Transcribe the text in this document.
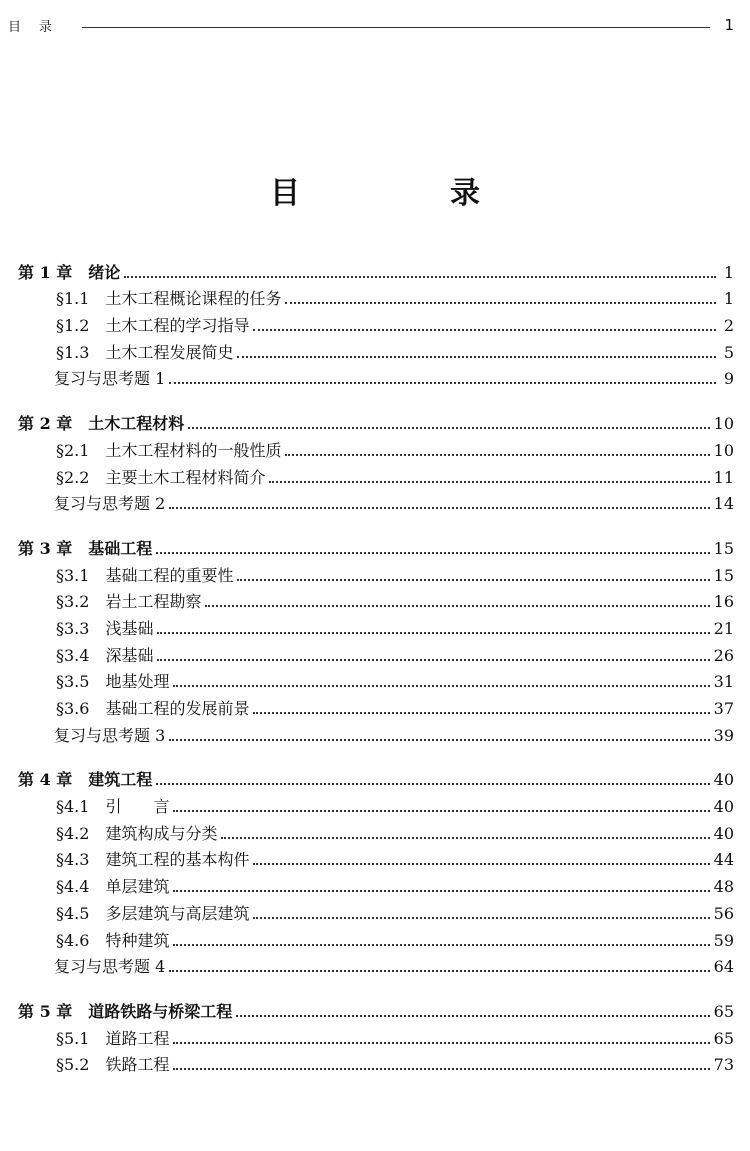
目录	1
目　录
第 1 章　绪论	1
§1.1　土木工程概论课程的任务	1
§1.2　土木工程的学习指导	2
§1.3　土木工程发展简史	5
复习与思考题 1	9
第 2 章　土木工程材料	10
§2.1　土木工程材料的一般性质	10
§2.2　主要土木工程材料简介	11
复习与思考题 2	14
第 3 章　基础工程	15
§3.1　基础工程的重要性	15
§3.2　岩土工程勘察	16
§3.3　浅基础	21
§3.4　深基础	26
§3.5　地基处理	31
§3.6　基础工程的发展前景	37
复习与思考题 3	39
第 4 章　建筑工程	40
§4.1　引　　言	40
§4.2　建筑构成与分类	40
§4.3　建筑工程的基本构件	44
§4.4　单层建筑	48
§4.5　多层建筑与高层建筑	56
§4.6　特种建筑	59
复习与思考题 4	64
第 5 章　道路铁路与桥梁工程	65
§5.1　道路工程	65
§5.2　铁路工程	73
